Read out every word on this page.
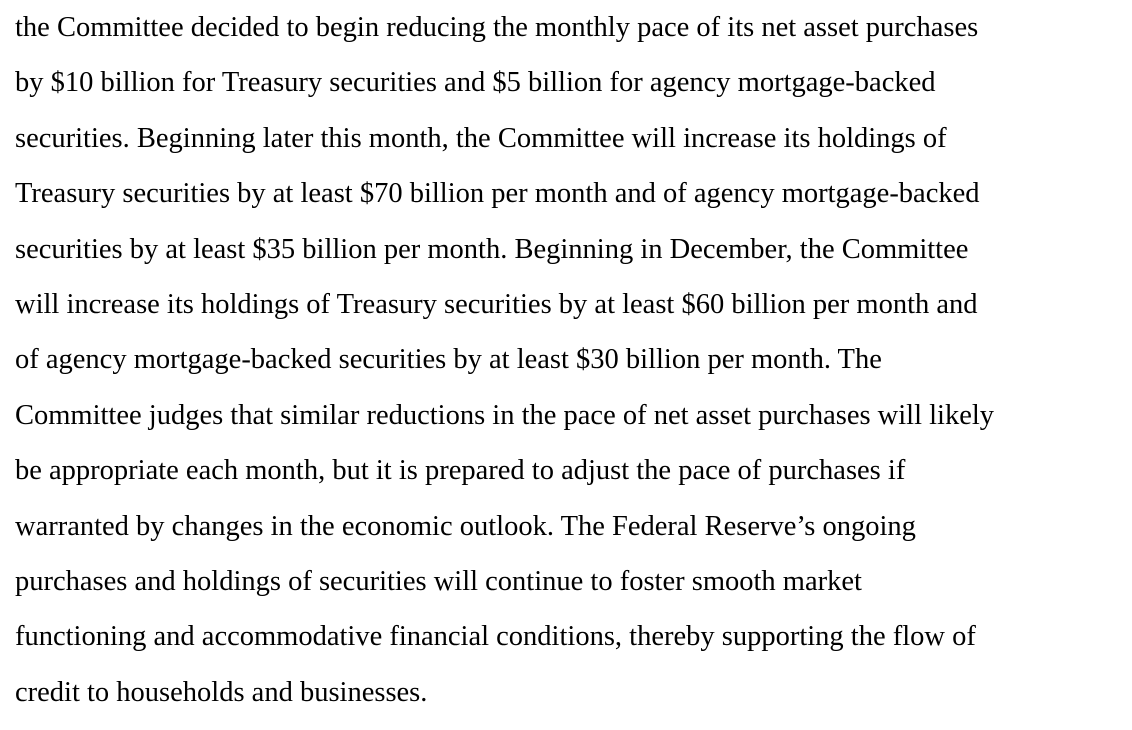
the Committee decided to begin reducing the monthly pace of its net asset purchases
by $10 billion for Treasury securities and $5 billion for agency mortgage-backed
securities. Beginning later this month, the Committee will increase its holdings of
Treasury securities by at least $70 billion per month and of agency mortgage-backed
securities by at least $35 billion per month. Beginning in December, the Committee
will increase its holdings of Treasury securities by at least $60 billion per month and
of agency mortgage-backed securities by at least $30 billion per month. The
Committee judges that similar reductions in the pace of net asset purchases will likely
be appropriate each month, but it is prepared to adjust the pace of purchases if
warranted by changes in the economic outlook. The Federal Reserve’s ongoing
purchases and holdings of securities will continue to foster smooth market
functioning and accommodative financial conditions, thereby supporting the flow of
credit to households and businesses.
